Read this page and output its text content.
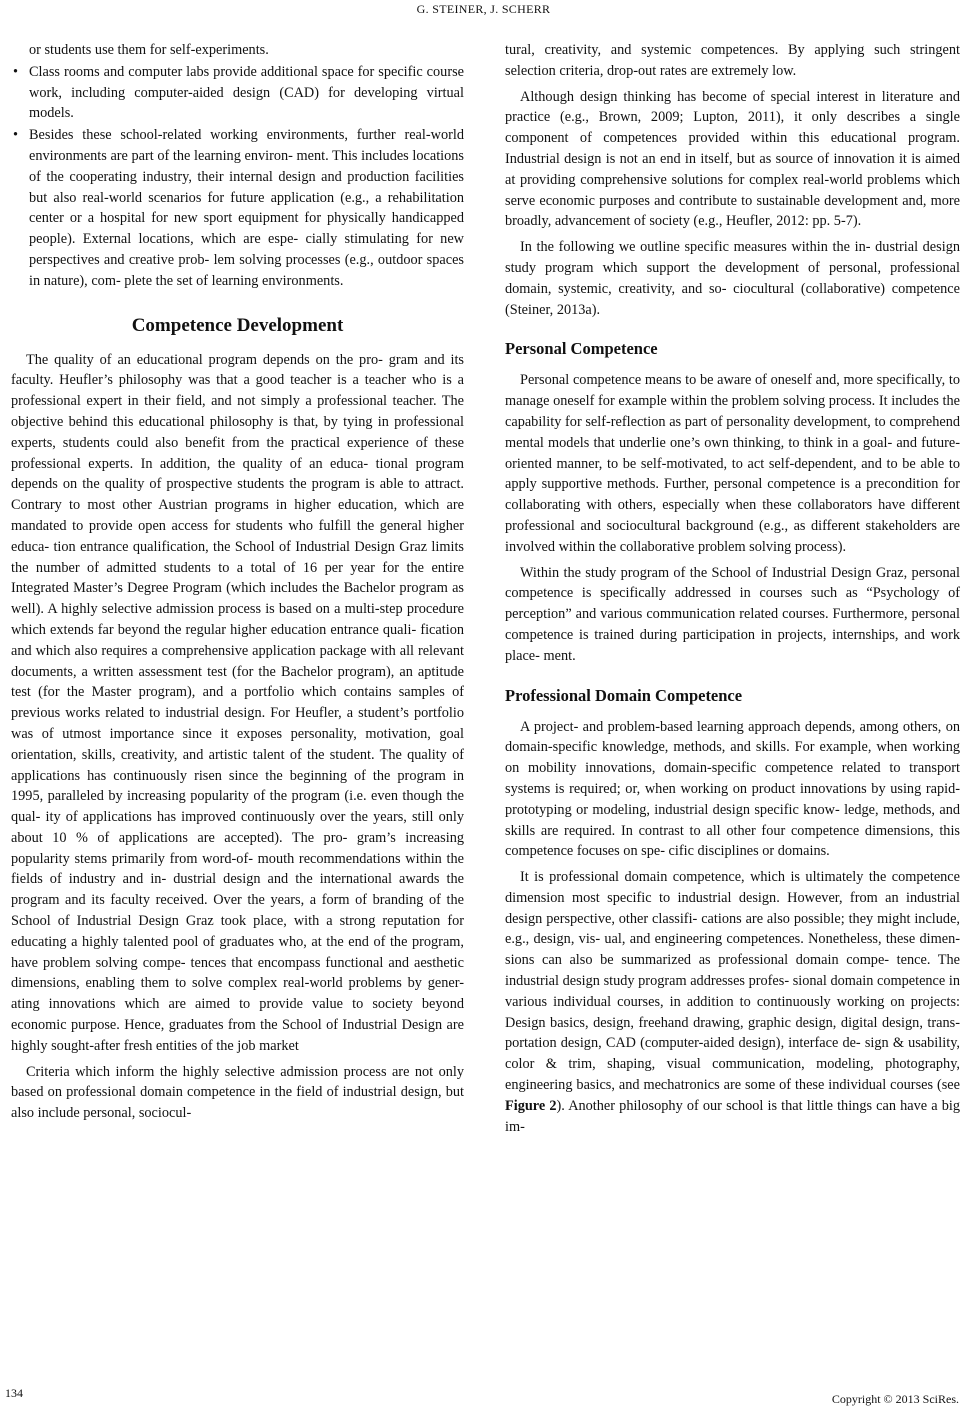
G. STEINER, J. SCHERR
or students use them for self-experiments.
• Class rooms and computer labs provide additional space for specific course work, including computer-aided design (CAD) for developing virtual models.
• Besides these school-related working environments, further real-world environments are part of the learning environ- ment. This includes locations of the cooperating industry, their internal design and production facilities but also real-world scenarios for future application (e.g., a rehabilitation center or a hospital for new sport equipment for physically handicapped people). External locations, which are espe- cially stimulating for new perspectives and creative prob- lem solving processes (e.g., outdoor spaces in nature), com- plete the set of learning environments.
Competence Development

The quality of an educational program depends on the pro- gram and its faculty. Heufler’s philosophy was that a good teacher is a teacher who is a professional expert in their field, and not simply a professional teacher. The objective behind this educational philosophy is that, by tying in professional experts, students could also benefit from the practical experience of these professional experts. In addition, the quality of an educa- tional program depends on the quality of prospective students the program is able to attract. Contrary to most other Austrian programs in higher education, which are mandated to provide open access for students who fulfill the general higher educa- tion entrance qualification, the School of Industrial Design Graz limits the number of admitted students to a total of 16 per year for the entire Integrated Master’s Degree Program (which includes the Bachelor program as well). A highly selective admission process is based on a multi-step procedure which extends far beyond the regular higher education entrance quali- fication and which also requires a comprehensive application package with all relevant documents, a written assessment test (for the Bachelor program), an aptitude test (for the Master program), and a portfolio which contains samples of previous works related to industrial design. For Heufler, a student’s portfolio was of utmost importance since it exposes personality, motivation, goal orientation, skills, creativity, and artistic talent of the student. The quality of applications has continuously risen since the beginning of the program in 1995, paralleled by increasing popularity of the program (i.e. even though the qual- ity of applications has improved continuously over the years, still only about 10 % of applications are accepted). The pro- gram’s increasing popularity stems primarily from word-of- mouth recommendations within the fields of industry and in- dustrial design and the international awards the program and its faculty received. Over the years, a form of branding of the School of Industrial Design Graz took place, with a strong reputation for educating a highly talented pool of graduates who, at the end of the program, have problem solving compe- tences that encompass functional and aesthetic dimensions, enabling them to solve complex real-world problems by gener- ating innovations which are aimed to provide value to society beyond economic purpose. Hence, graduates from the School of Industrial Design are highly sought-after fresh entities of the job market

Criteria which inform the highly selective admission process are not only based on professional domain competence in the field of industrial design, but also include personal, sociocul-

tural, creativity, and systemic competences. By applying such stringent selection criteria, drop-out rates are extremely low.

Although design thinking has become of special interest in literature and practice (e.g., Brown, 2009; Lupton, 2011), it only describes a single component of competences provided within this educational program. Industrial design is not an end in itself, but as source of innovation it is aimed at providing comprehensive solutions for complex real-world problems which serve economic purposes and contribute to sustainable development and, more broadly, advancement of society (e.g., Heufler, 2012: pp. 5-7).

In the following we outline specific measures within the in- dustrial design study program which support the development of personal, professional domain, systemic, creativity, and so- ciocultural (collaborative) competence (Steiner, 2013a).

Personal Competence

Personal competence means to be aware of oneself and, more specifically, to manage oneself for example within the problem solving process. It includes the capability for self-reflection as part of personality development, to comprehend mental models that underlie one’s own thinking, to think in a goal- and future- oriented manner, to be self-motivated, to act self-dependent, and to be able to apply supportive methods. Further, personal competence is a precondition for collaborating with others, especially when these collaborators have different professional and sociocultural background (e.g., as different stakeholders are involved within the collaborative problem solving process).

Within the study program of the School of Industrial Design Graz, personal competence is specifically addressed in courses such as “Psychology of perception” and various communication related courses. Furthermore, personal competence is trained during participation in projects, internships, and work place- ment.

Professional Domain Competence

A project- and problem-based learning approach depends, among others, on domain-specific knowledge, methods, and skills. For example, when working on mobility innovations, domain-specific competence related to transport systems is required; or, when working on product innovations by using rapid-prototyping or modeling, industrial design specific know- ledge, methods, and skills are required. In contrast to all other four competence dimensions, this competence focuses on spe- cific disciplines or domains.

It is professional domain competence, which is ultimately the competence dimension most specific to industrial design. However, from an industrial design perspective, other classifi- cations are also possible; they might include, e.g., design, vis- ual, and engineering competences. Nonetheless, these dimen- sions can also be summarized as professional domain compe- tence. The industrial design study program addresses profes- sional domain competence in various individual courses, in addition to continuously working on projects: Design basics, design, freehand drawing, graphic design, digital design, trans- portation design, CAD (computer-aided design), interface de- sign & usability, color & trim, shaping, visual communication, modeling, photography, engineering basics, and mechatronics are some of these individual courses (see Figure 2). Another philosophy of our school is that little things can have a big im-

134	Copyright © 2013 SciRes.
